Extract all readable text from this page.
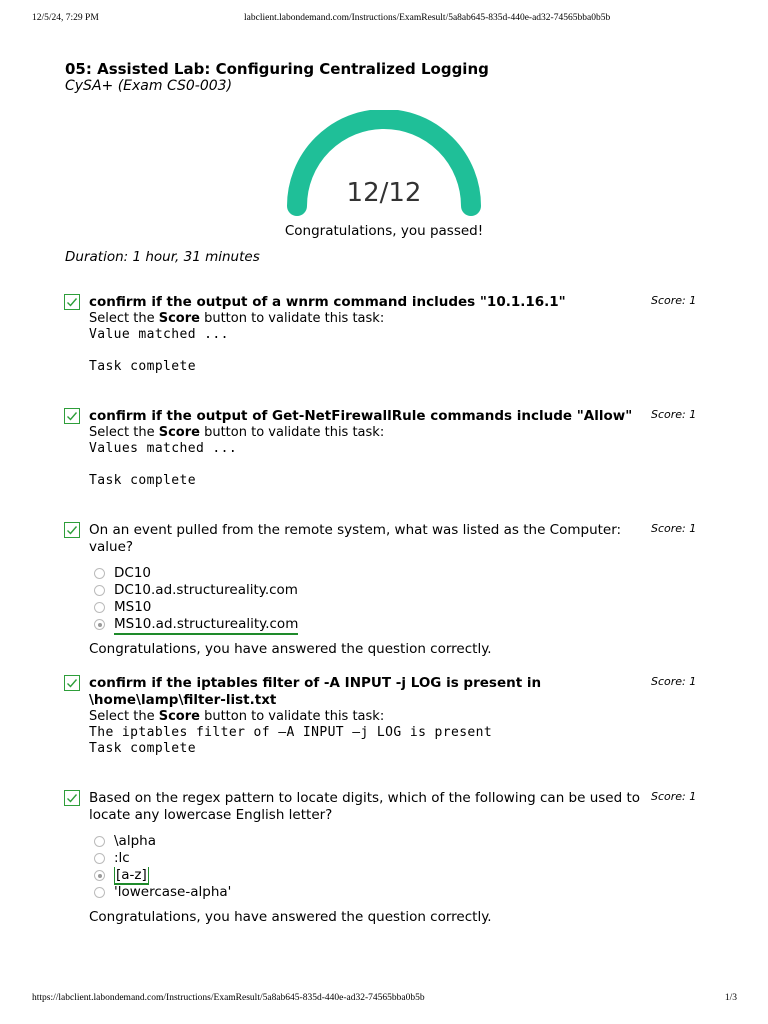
12/5/24, 7:29 PM	labclient.labondemand.com/Instructions/ExamResult/5a8ab645-835d-440e-ad32-74565bba0b5b
05: Assisted Lab: Configuring Centralized Logging
CySA+ (Exam CS0-003)
12/12
Congratulations, you passed!
Duration: 1 hour, 31 minutes
confirm if the output of a wnrm command includes "10.1.16.1"
Select the Score button to validate this task:
Value matched ...
Task complete
Score: 1
confirm if the output of Get-NetFirewallRule commands include "Allow"
Select the Score button to validate this task:
Values matched ...
Task complete
Score: 1
On an event pulled from the remote system, what was listed as the Computer: value?
DC10
DC10.ad.structureality.com
MS10
MS10.ad.structureality.com
Congratulations, you have answered the question correctly.
Score: 1
confirm if the iptables filter of -A INPUT -j LOG is present in
\home\lamp\filter-list.txt
Select the Score button to validate this task:
The iptables filter of –A INPUT –j LOG is present
Task complete
Score: 1
Based on the regex pattern to locate digits, which of the following can be used to locate any lowercase English letter?
\alpha
:lc
[a-z]
'lowercase-alpha'
Congratulations, you have answered the question correctly.
Score: 1
https://labclient.labondemand.com/Instructions/ExamResult/5a8ab645-835d-440e-ad32-74565bba0b5b	1/3
